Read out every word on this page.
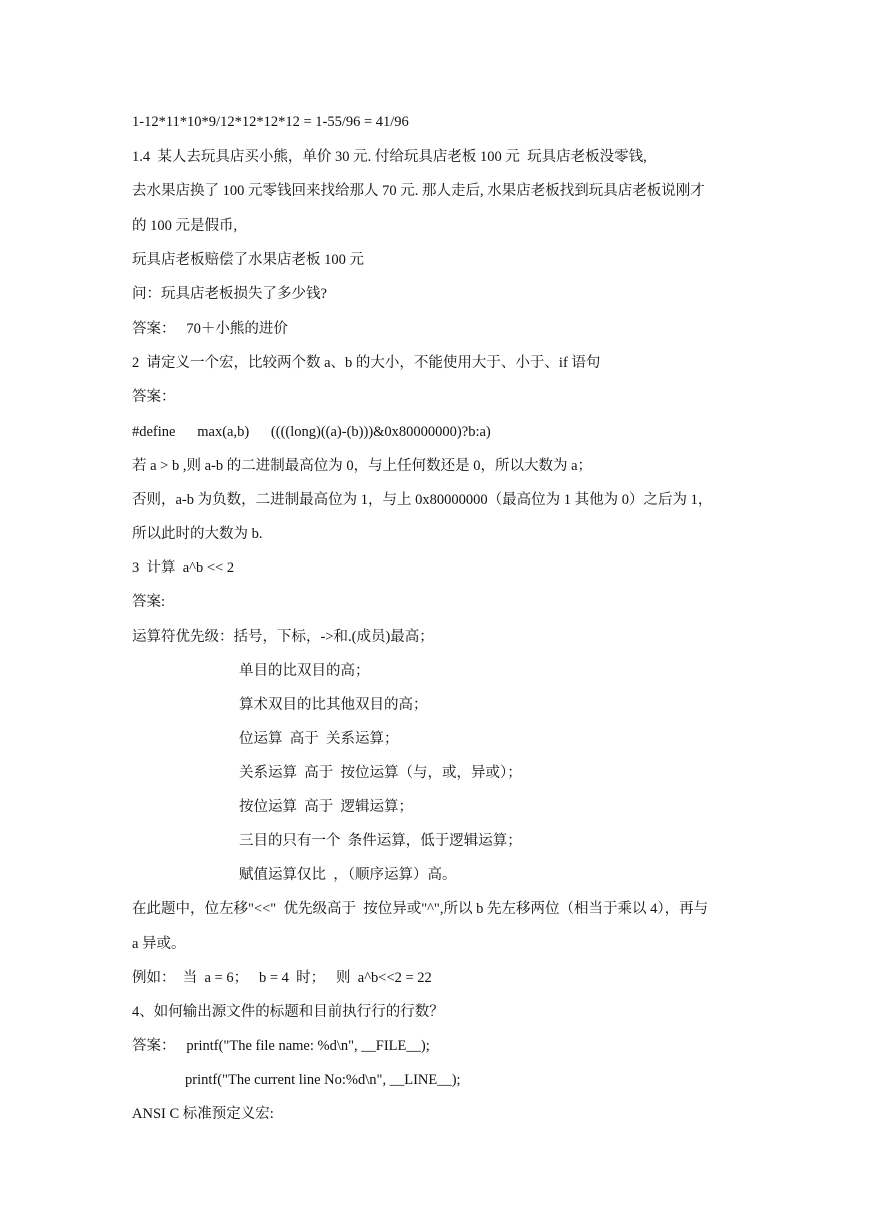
1-12*11*10*9/12*12*12*12 = 1-55/96 = 41/96
1.4  某人去玩具店买小熊，单价 30 元. 付给玩具店老板 100 元  玩具店老板没零钱,
去水果店换了 100 元零钱回来找给那人 70 元. 那人走后, 水果店老板找到玩具店老板说刚才
的 100 元是假币,
玩具店老板赔偿了水果店老板 100 元
问：玩具店老板损失了多少钱?
答案：   70＋小熊的进价
2  请定义一个宏，比较两个数 a、b 的大小，不能使用大于、小于、if 语句
答案：
#define      max(a,b)      ((((long)((a)-(b)))&0x80000000)?b:a)
若 a > b ,则 a-b 的二进制最高位为 0，与上任何数还是 0，所以大数为 a；
否则，a-b 为负数，二进制最高位为 1，与上 0x80000000（最高位为 1 其他为 0）之后为 1，
所以此时的大数为 b.
3  计算  a^b << 2
答案:
运算符优先级：括号，下标，->和.(成员)最高；
单目的比双目的高；
算术双目的比其他双目的高；
位运算  高于  关系运算；
关系运算  高于  按位运算（与，或，异或）；
按位运算  高于  逻辑运算；
三目的只有一个  条件运算，低于逻辑运算；
赋值运算仅比  ，（顺序运算）高。
在此题中，位左移"<<"  优先级高于  按位异或"^",所以 b 先左移两位（相当于乘以 4），再与
a 异或。
例如：  当  a = 6；   b = 4  时；   则  a^b<<2 = 22
4、如何输出源文件的标题和目前执行行的行数？
答案：   printf("The file name: %d\n", __FILE__);
printf("The current line No:%d\n", __LINE__);
ANSI C 标准预定义宏:
